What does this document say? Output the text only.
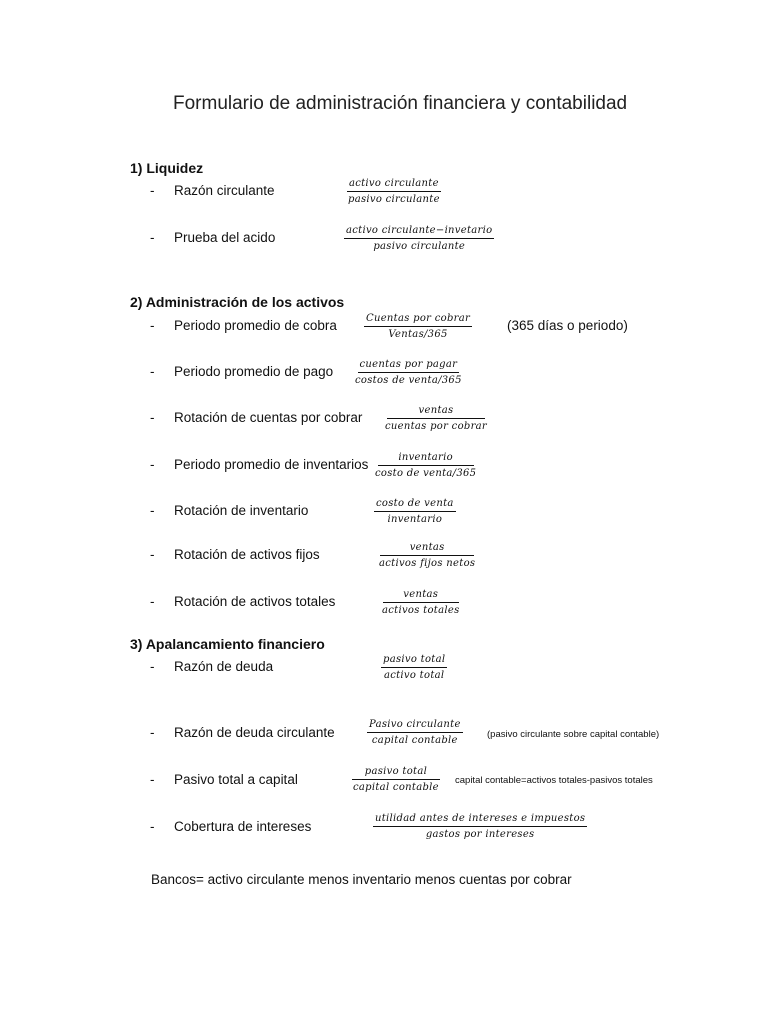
Formulario de administración financiera y contabilidad
1) Liquidez
- Razón circulante	activo circulante
pasivo circulante
- Prueba del acido	activo circulante−invetario
pasivo circulante
2) Administración de los activos
- Periodo promedio de cobra	Cuentas por cobrar
Ventas/365
(365 días o periodo)
- Periodo promedio de pago	cuentas por pagar
costos de venta/365
- Rotación de cuentas por cobrar	ventas
cuentas por cobrar
- Periodo promedio de inventarios	inventario
costo de venta/365
- Rotación de inventario	costo de venta
inventario
- Rotación de activos fijos	ventas
activos fijos netos
- Rotación de activos totales	ventas
activos totales
3) Apalancamiento financiero
- Razón de deuda	pasivo total
activo total
- Razón de deuda circulante
Pasivo circulante
capital contable
(pasivo circulante sobre capital contable)
- Pasivo total a capital
pasivo total
capital contable
capital contable=activos totales-pasivos totales
- Cobertura de intereses
utilidad antes de intereses e impuestos
gastos por intereses
Bancos= activo circulante menos inventario menos cuentas por cobrar
